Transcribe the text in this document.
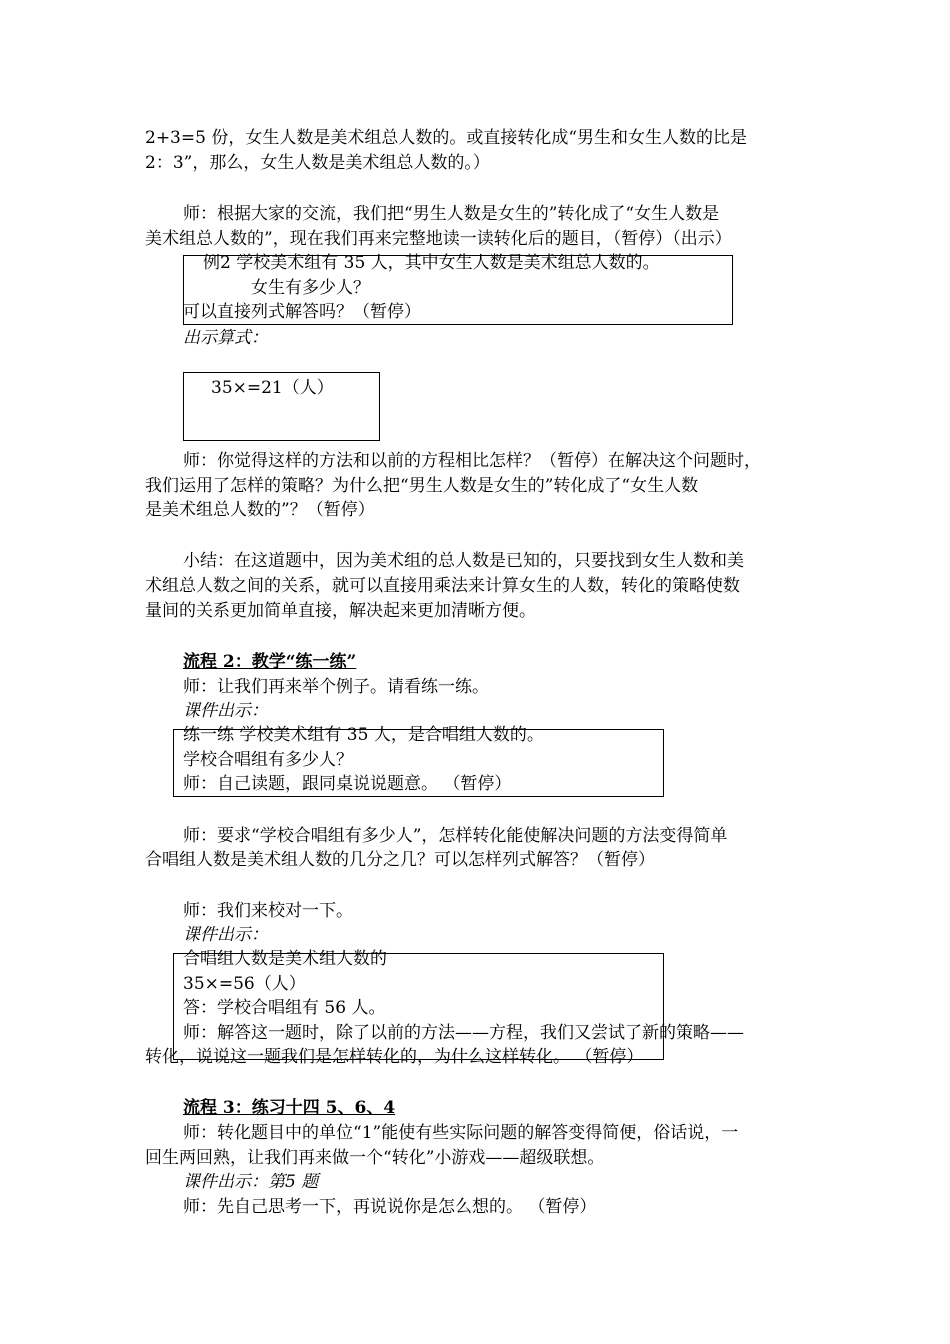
2+3=5 份，女生人数是美术组总人数的。或直接转化成“男生和女生人数的比是
2：3”，那么，女生人数是美术组总人数的。）
师：根据大家的交流，我们把“男生人数是女生的”转化成了“女生人数是
美术组总人数的”，现在我们再来完整地读一读转化后的题目，（暂停）（出示）
例2 学校美术组有 35 人，其中女生人数是美术组总人数的。
女生有多少人？
可以直接列式解答吗？（暂停）
出示算式：
35×=21（人）
师：你觉得这样的方法和以前的方程相比怎样？（暂停）在解决这个问题时，
我们运用了怎样的策略？为什么把“男生人数是女生的”转化成了“女生人数
是美术组总人数的”？（暂停）
小结：在这道题中，因为美术组的总人数是已知的，只要找到女生人数和美
术组总人数之间的关系，就可以直接用乘法来计算女生的人数，转化的策略使数
量间的关系更加简单直接，解决起来更加清晰方便。
流程 2：教学“练一练”
师：让我们再来举个例子。请看练一练。
课件出示：
练一练 学校美术组有 35 人，是合唱组人数的。
学校合唱组有多少人？
师：自己读题，跟同桌说说题意。 （暂停）
师：要求“学校合唱组有多少人”，怎样转化能使解决问题的方法变得简单
合唱组人数是美术组人数的几分之几？可以怎样列式解答？（暂停）
师：我们来校对一下。
课件出示：
合唱组人数是美术组人数的
35×=56（人）
答：学校合唱组有 56 人。
师：解答这一题时，除了以前的方法——方程，我们又尝试了新的策略——
转化，说说这一题我们是怎样转化的，为什么这样转化。 （暂停）
流程 3：练习十四 5、6、4
师：转化题目中的单位“1”能使有些实际问题的解答变得简便，俗话说，一
回生两回熟，让我们再来做一个“转化”小游戏——超级联想。
课件出示：第5 题
师：先自己思考一下，再说说你是怎么想的。 （暂停）
